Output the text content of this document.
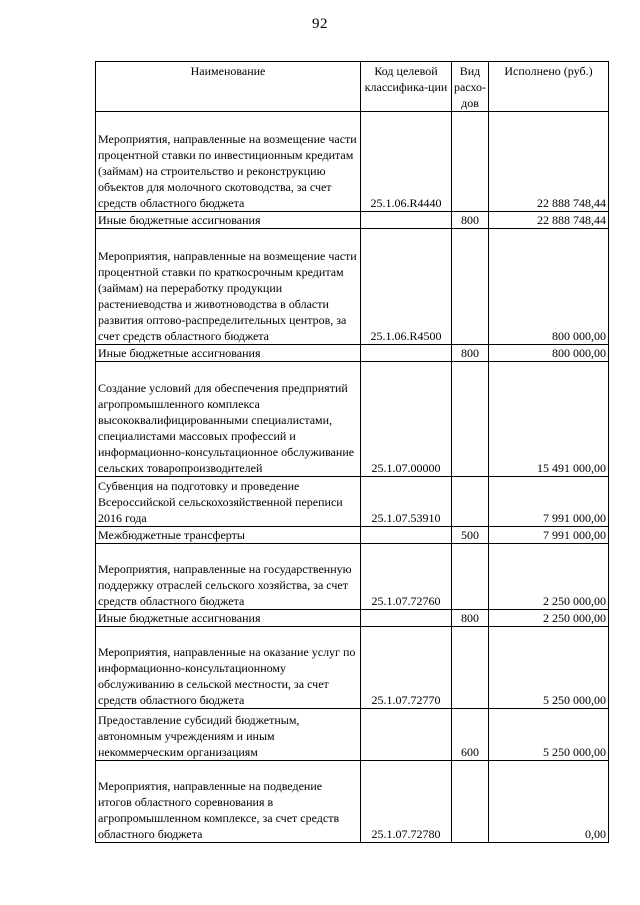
92
Наименование	Код целевой классифика-ции	Вид расхо-дов	Исполнено (руб.)
Мероприятия, направленные на возмещение части процентной ставки по инвестиционным кредитам (займам) на строительство и реконструкцию объектов для молочного скотоводства, за счет средств областного бюджета	25.1.06.R4440		22 888 748,44
Иные бюджетные ассигнования		800	22 888 748,44
Мероприятия, направленные на возмещение части процентной ставки по краткосрочным кредитам (займам) на переработку продукции растениеводства и животноводства в области развития оптово-распределительных центров, за счет средств областного бюджета	25.1.06.R4500		800 000,00
Иные бюджетные ассигнования		800	800 000,00
Создание условий для обеспечения предприятий агропромышленного комплекса высококвалифицированными специалистами, специалистами массовых профессий и информационно-консультационное обслуживание сельских товаропроизводителей	25.1.07.00000		15 491 000,00
Субвенция на подготовку и проведение Всероссийской сельскохозяйственной переписи 2016 года	25.1.07.53910		7 991 000,00
Межбюджетные трансферты		500	7 991 000,00
Мероприятия, направленные на государственную поддержку отраслей сельского хозяйства, за счет средств областного бюджета	25.1.07.72760		2 250 000,00
Иные бюджетные ассигнования		800	2 250 000,00
Мероприятия, направленные на оказание услуг по информационно-консультационному обслуживанию в сельской местности, за счет средств областного бюджета	25.1.07.72770		5 250 000,00
Предоставление субсидий бюджетным, автономным учреждениям и иным некоммерческим организациям		600	5 250 000,00
Мероприятия, направленные на подведение итогов областного соревнования в агропромышленном комплексе, за счет средств областного бюджета	25.1.07.72780		0,00
